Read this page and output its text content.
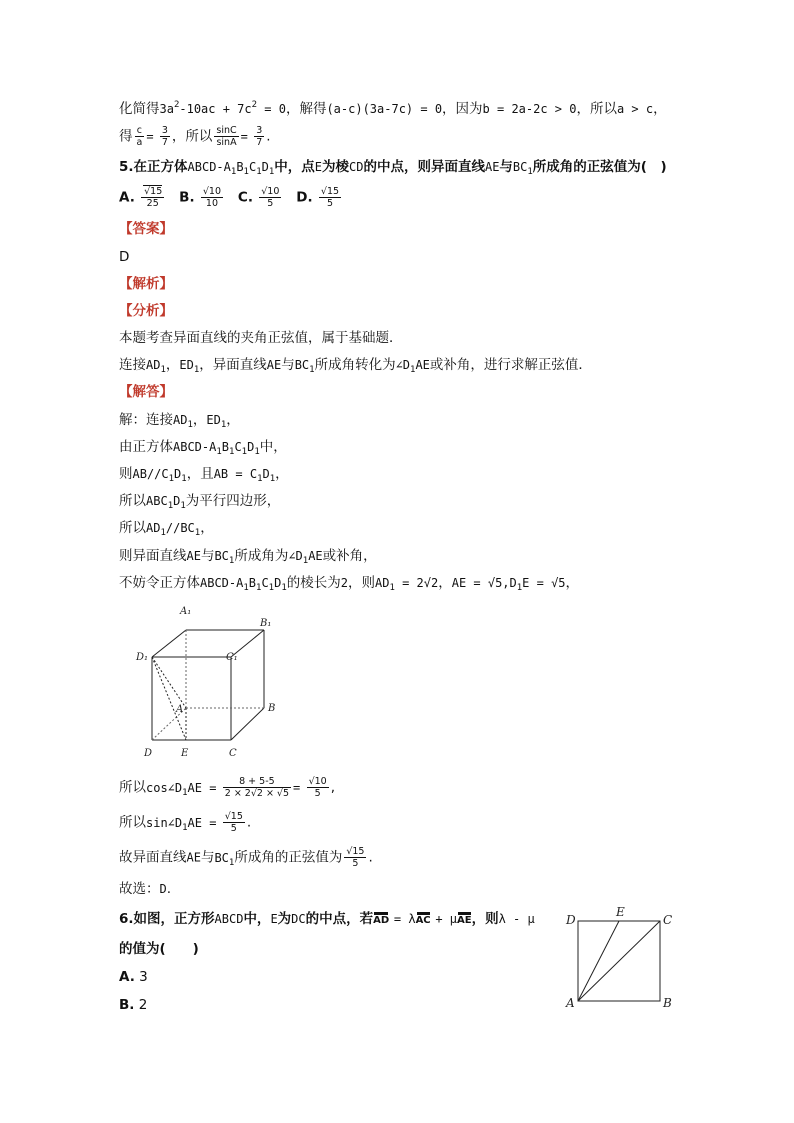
化简得$3a^2-10ac + 7c^2 = 0$，解得(a-c)(3a-7c) = 0，因为b = 2a-2c > 0，所以a > c，
得 $\frac{c}{a} = \frac{3}{7}$ ，所以 $\frac{\sin C}{\sin A} = \frac{3}{7}$ .
5.在正方体ABCD-$A_1B_1C_1D_1$中，点E为棱CD的中点，则异面直线AE与$BC_1$所成角的正弦值为(　)
A. $\frac{√15}{25} B$. $\frac{√10}{10} C$. $\frac{√10}{5} D$. $\frac{√15}{5}$
【答案】
D
【解析】
【分析】
本题考查异面直线的夹角正弦值，属于基础题．
连接$AD_1$，$ED_1$，异面直线AE与$BC_1$所成角转化为$\angle D_1AE$或补角，进行求解正弦值．
【解答】
解：连接$AD_1$，$ED_1$，
由正方体ABCD-$A_1B_1C_1D_1$中，
则$AB//C_1D_1$，且AB = $C_1D_1$，
所以$ABC_1D_1$为平行四边形，
所以$AD_1//BC_1$，
则异面直线AE与$BC_1$所成角为$\angle D_1AE$或补角，
不妨令正方体ABCD-$A_1B_1C_1D_1$的棱长为2，则$AD_1 = 2√2$，AE = $√5,D_1E = √5$，
A₁
B₁
C₁
D₁
A	B
C
D	E
所以$\cos\angle D_1AE = \frac{8 + 5-5}{2 \times 2√2 \times √5} = \frac{√10}{5}$ ,
所以$\sin\angle D_1AE = \frac{√15}{5}$ .
故异面直线AE与$BC_1$所成角的正弦值为 $\frac{√15}{5}$ .
故选：D.
6.如图，正方形ABCD中，E为DC的中点，若
AD = λ
AC + μ
AE，则λ - μ
的值为(　　)
A. 3
B. 2
D
E
C
A	B
